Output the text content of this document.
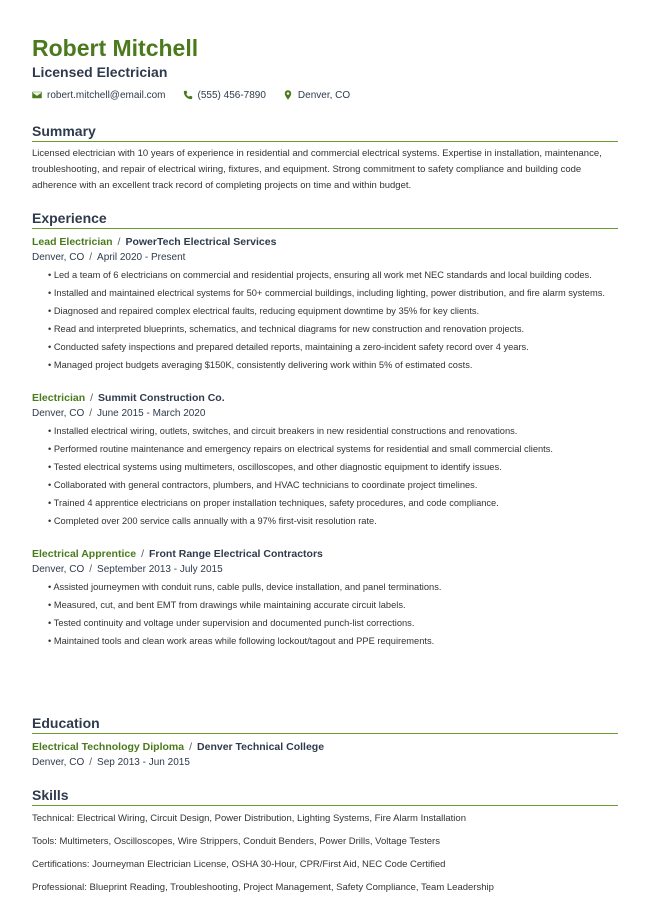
Robert Mitchell
Licensed Electrician
robert.mitchell@email.com	(555) 456-7890	Denver, CO
Summary
Licensed electrician with 10 years of experience in residential and commercial electrical systems. Expertise in installation, maintenance, troubleshooting, and repair of electrical wiring, fixtures, and equipment. Strong commitment to safety compliance and building code adherence with an excellent track record of completing projects on time and within budget.
Experience
Lead Electrician / PowerTech Electrical Services
Denver, CO / April 2020 - Present
• Led a team of 6 electricians on commercial and residential projects, ensuring all work met NEC standards and local building codes.
• Installed and maintained electrical systems for 50+ commercial buildings, including lighting, power distribution, and fire alarm systems.
• Diagnosed and repaired complex electrical faults, reducing equipment downtime by 35% for key clients.
• Read and interpreted blueprints, schematics, and technical diagrams for new construction and renovation projects.
• Conducted safety inspections and prepared detailed reports, maintaining a zero-incident safety record over 4 years.
• Managed project budgets averaging $150K, consistently delivering work within 5% of estimated costs.
Electrician / Summit Construction Co.
Denver, CO / June 2015 - March 2020
• Installed electrical wiring, outlets, switches, and circuit breakers in new residential constructions and renovations.
• Performed routine maintenance and emergency repairs on electrical systems for residential and small commercial clients.
• Tested electrical systems using multimeters, oscilloscopes, and other diagnostic equipment to identify issues.
• Collaborated with general contractors, plumbers, and HVAC technicians to coordinate project timelines.
• Trained 4 apprentice electricians on proper installation techniques, safety procedures, and code compliance.
• Completed over 200 service calls annually with a 97% first-visit resolution rate.
Electrical Apprentice / Front Range Electrical Contractors
Denver, CO / September 2013 - July 2015
• Assisted journeymen with conduit runs, cable pulls, device installation, and panel terminations.
• Measured, cut, and bent EMT from drawings while maintaining accurate circuit labels.
• Tested continuity and voltage under supervision and documented punch-list corrections.
• Maintained tools and clean work areas while following lockout/tagout and PPE requirements.
Education
Electrical Technology Diploma / Denver Technical College
Denver, CO / Sep 2013 - Jun 2015
Skills
Technical: Electrical Wiring, Circuit Design, Power Distribution, Lighting Systems, Fire Alarm Installation
Tools: Multimeters, Oscilloscopes, Wire Strippers, Conduit Benders, Power Drills, Voltage Testers
Certifications: Journeyman Electrician License, OSHA 30-Hour, CPR/First Aid, NEC Code Certified
Professional: Blueprint Reading, Troubleshooting, Project Management, Safety Compliance, Team Leadership
